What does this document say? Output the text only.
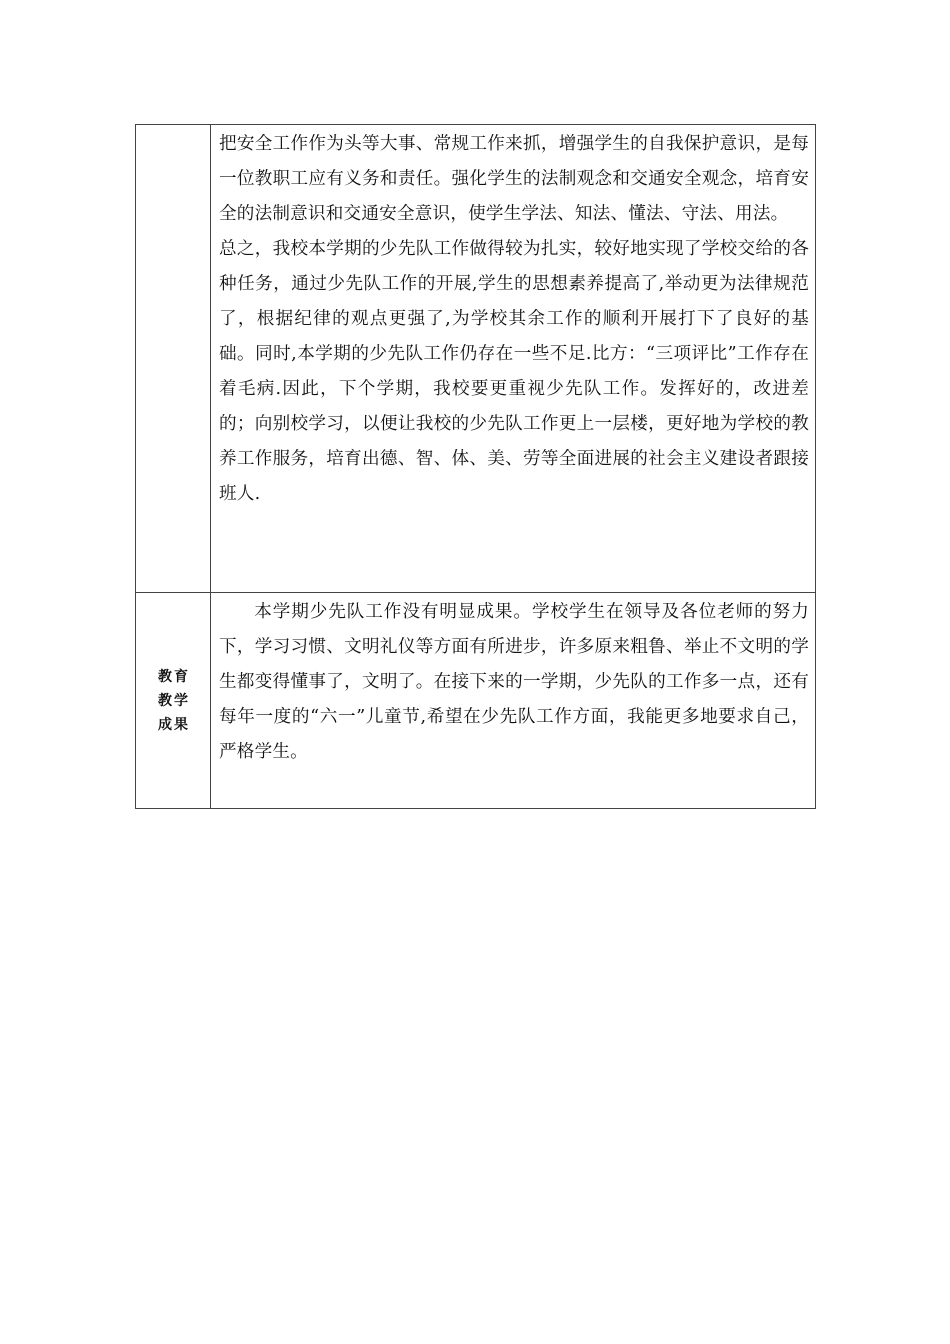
	把安全工作作为头等大事、常规工作来抓，增强学生的自我保护意识，是每一位教职工应有义务和责任。强化学生的法制观念和交通安全观念，培育安全的法制意识和交通安全意识，使学生学法、知法、懂法、守法、用法。

总之，我校本学期的少先队工作做得较为扎实，较好地实现了学校交给的各种任务，通过少先队工作的开展,学生的思想素养提高了,举动更为法律规范了，根据纪律的观点更强了,为学校其余工作的顺利开展打下了良好的基础。同时,本学期的少先队工作仍存在一些不足.比方：“三项评比”工作存在着毛病.因此，下个学期，我校要更重视少先队工作。发挥好的，改进差的；向别校学习，以便让我校的少先队工作更上一层楼，更好地为学校的教养工作服务，培育出德、智、体、美、劳等全面进展的社会主义建设者跟接班人.

教育教学成果	本学期少先队工作没有明显成果。学校学生在领导及各位老师的努力下，学习习惯、文明礼仪等方面有所进步，许多原来粗鲁、举止不文明的学生都变得懂事了，文明了。在接下来的一学期，少先队的工作多一点，还有每年一度的“六一”儿童节,希望在少先队工作方面，我能更多地要求自己，严格学生。
